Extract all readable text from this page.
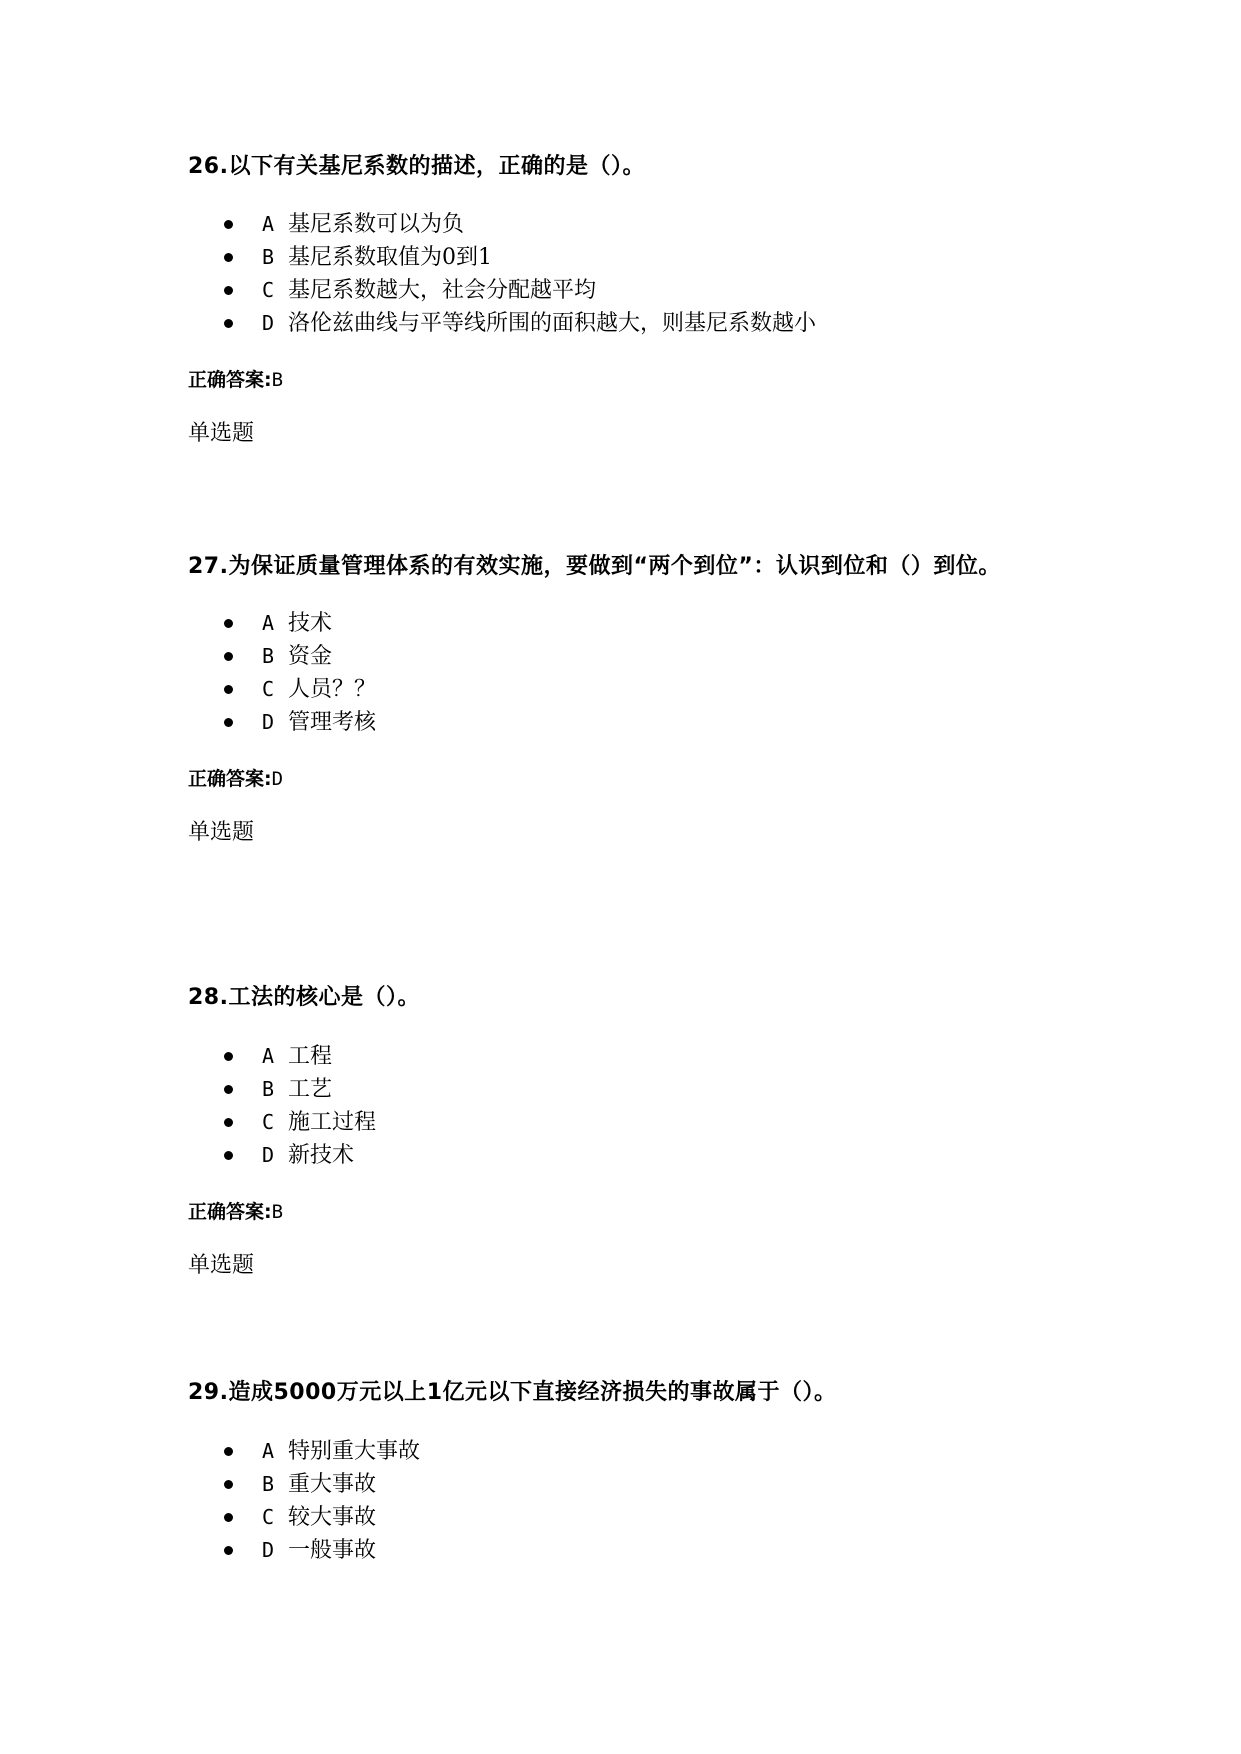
26.以下有关基尼系数的描述，正确的是（）。

A 基尼系数可以为负
B 基尼系数取值为0到1
C 基尼系数越大，社会分配越平均
D 洛伦兹曲线与平等线所围的面积越大，则基尼系数越小

正确答案:B

单选题

27.为保证质量管理体系的有效实施，要做到“两个到位”：认识到位和（）到位。

A 技术
B 资金
C 人员？？
D 管理考核

正确答案:D

单选题

28.工法的核心是（）。

A 工程
B 工艺
C 施工过程
D 新技术

正确答案:B

单选题

29.造成5000万元以上1亿元以下直接经济损失的事故属于（）。

A 特别重大事故
B 重大事故
C 较大事故
D 一般事故
